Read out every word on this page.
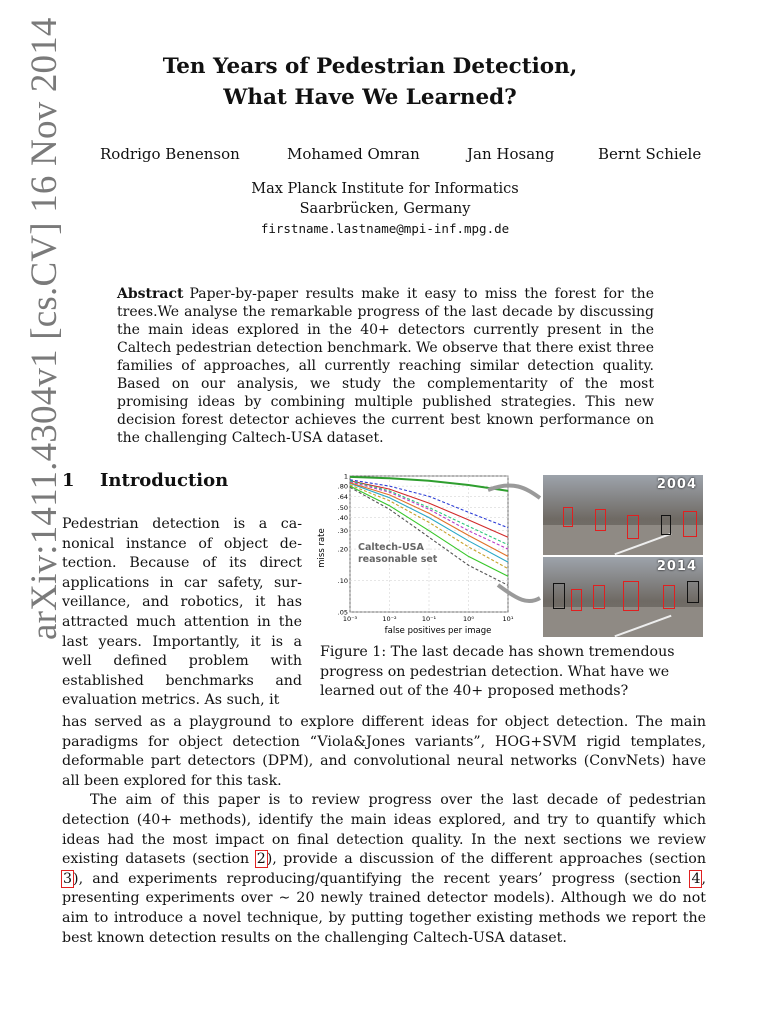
arXiv:1411.4304v1 [cs.CV] 16 Nov 2014	Ten Years of Pedestrian Detection,
What Have We Learned?
Rodrigo Benenson	Mohamed Omran	Jan Hosang	Bernt Schiele
Max Planck Institute for Informatics
Saarbrücken, Germany
firstname.lastname@mpi-inf.mpg.de
Abstract Paper-by-paper results make it easy to miss the forest for the trees.We analyse the remarkable progress of the last decade by discussing the main ideas explored in the 40+ detectors currently present in the Caltech pedestrian detection benchmark. We observe that there exist three families of approaches, all currently reaching similar detection quality. Based on our analysis, we study the complementarity of the most promising ideas by combining multiple published strategies. This new decision forest detector achieves the current best known performance on the challenging Caltech-USA dataset.
1 Introduction
Pedestrian detection is a canonical instance of object detection. Because of its direct applications in car safety, surveillance, and robotics, it has attracted much attention in the last years. Importantly, it is a well defined problem with established benchmarks and evaluation metrics. As such, it
1
.80
.64
.50
.40
.30
.20
.10
.05
10⁻³	10⁻²	10⁻¹	10⁰	10¹
Caltech-USA reasonable set
false positives per image
miss rate
2004
2014
Figure 1: The last decade has shown tremendous progress on pedestrian detection. What have we learned out of the 40+ proposed methods?

has served as a playground to explore different ideas for object detection. The main paradigms for object detection “Viola&Jones variants”, HOG+SVM rigid templates, deformable part detectors (DPM), and convolutional neural networks (ConvNets) have all been explored for this task.

The aim of this paper is to review progress over the last decade of pedestrian detection (40+ methods), identify the main ideas explored, and try to quantify which ideas had the most impact on final detection quality. In the next sections we review existing datasets (section 2), provide a discussion of the different approaches (section 3), and experiments reproducing/quantifying the recent years’ progress (section 4, presenting experiments over ∼ 20 newly trained detector models). Although we do not aim to introduce a novel technique, by putting together existing methods we report the best known detection results on the challenging Caltech-USA dataset.
